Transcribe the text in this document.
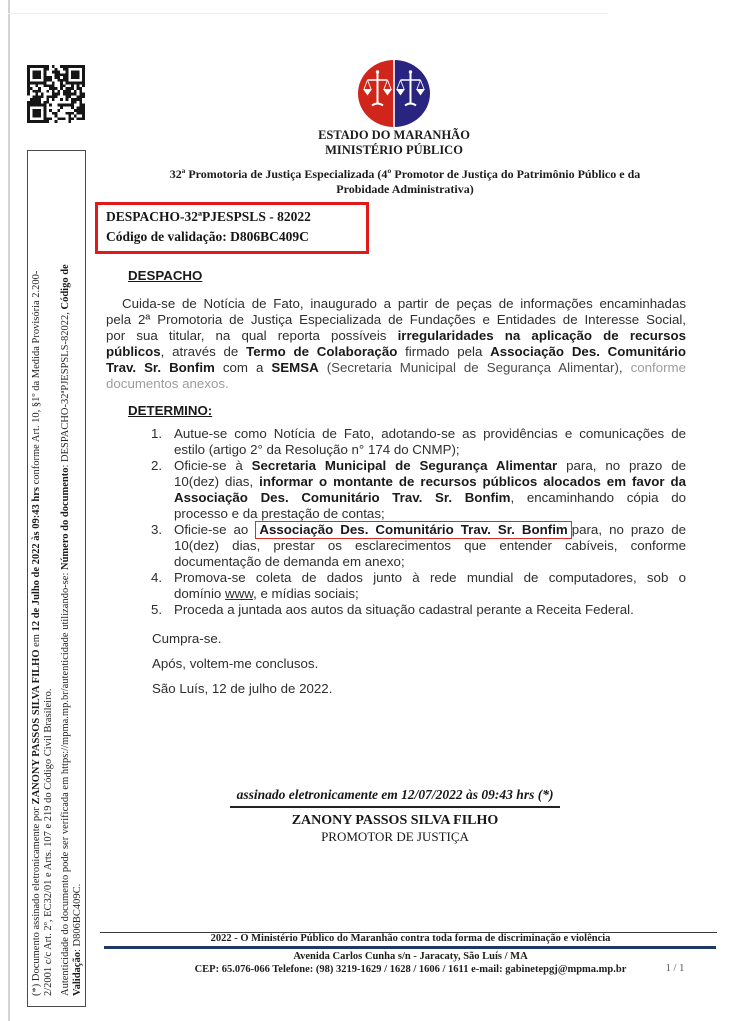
ESTADO DO MARANHÃO
MINISTÉRIO PÚBLICO
32ª Promotoria de Justiça Especializada (4º Promotor de Justiça do Patrimônio Público e da
Probidade Administrativa)
DESPACHO-32ªPJESPSLS - 82022
Código de validação: D806BC409C
(*) Documento assinado eletronicamente por ZANONY PASSOS SILVA FILHO em 12 de Julho de 2022 às 09:43 hrs conforme Art. 10, §1º da Medida Provisória 2.200-
2/2001 c/c Art. 2º, EC32/01 e Arts. 107 e 219 do Código Civil Brasileiro. Autenticidade do documento pode ser verificada em https://mpma.mp.br/autenticidade utilizando-se: Número do documento: DESPACHO-32ªPJESPSLS-82022, Código de
Validação: D806BC409C.
DESPACHO
Cuida-se de Notícia de Fato, inaugurado a partir de peças de informações encaminhadas
pela 2ª Promotoria de Justiça Especializada de Fundações e Entidades de Interesse Social,
por sua titular, na qual reporta possíveis irregularidades na aplicação de recursos
públicos, através de Termo de Colaboração firmado pela Associação Des. Comunitário
Trav. Sr. Bonfim com a SEMSA (Secretaria Municipal de Segurança Alimentar), conforme
documentos anexos.
DETERMINO:
1. Autue-se como Notícia de Fato, adotando-se as providências e comunicações de
estilo (artigo 2° da Resolução n° 174 do CNMP);
2. Oficie-se à Secretaria Municipal de Segurança Alimentar para, no prazo de
10(dez) dias, informar o montante de recursos públicos alocados em favor da
Associação Des. Comunitário Trav. Sr. Bonfim, encaminhando cópia do
processo e da prestação de contas;
3. Oficie-se ao Associação Des. Comunitário Trav. Sr. Bonfim para, no prazo de
10(dez) dias, prestar os esclarecimentos que entender cabíveis, conforme
documentação de demanda em anexo;
4. Promova-se coleta de dados junto à rede mundial de computadores, sob o
domínio www, e mídias sociais;
5. Proceda a juntada aos autos da situação cadastral perante a Receita Federal.
Cumpra-se.
Após, voltem-me conclusos.
São Luís, 12 de julho de 2022.
assinado eletronicamente em 12/07/2022 às 09:43 hrs (*)
ZANONY PASSOS SILVA FILHO
PROMOTOR DE JUSTIÇA
2022 - O Ministério Público do Maranhão contra toda forma de discriminação e violência
Avenida Carlos Cunha s/n - Jaracaty, São Luís / MA
CEP: 65.076-066 Telefone: (98) 3219-1629 / 1628 / 1606 / 1611 e-mail: gabinetepgj@mpma.mp.br	1 / 1
